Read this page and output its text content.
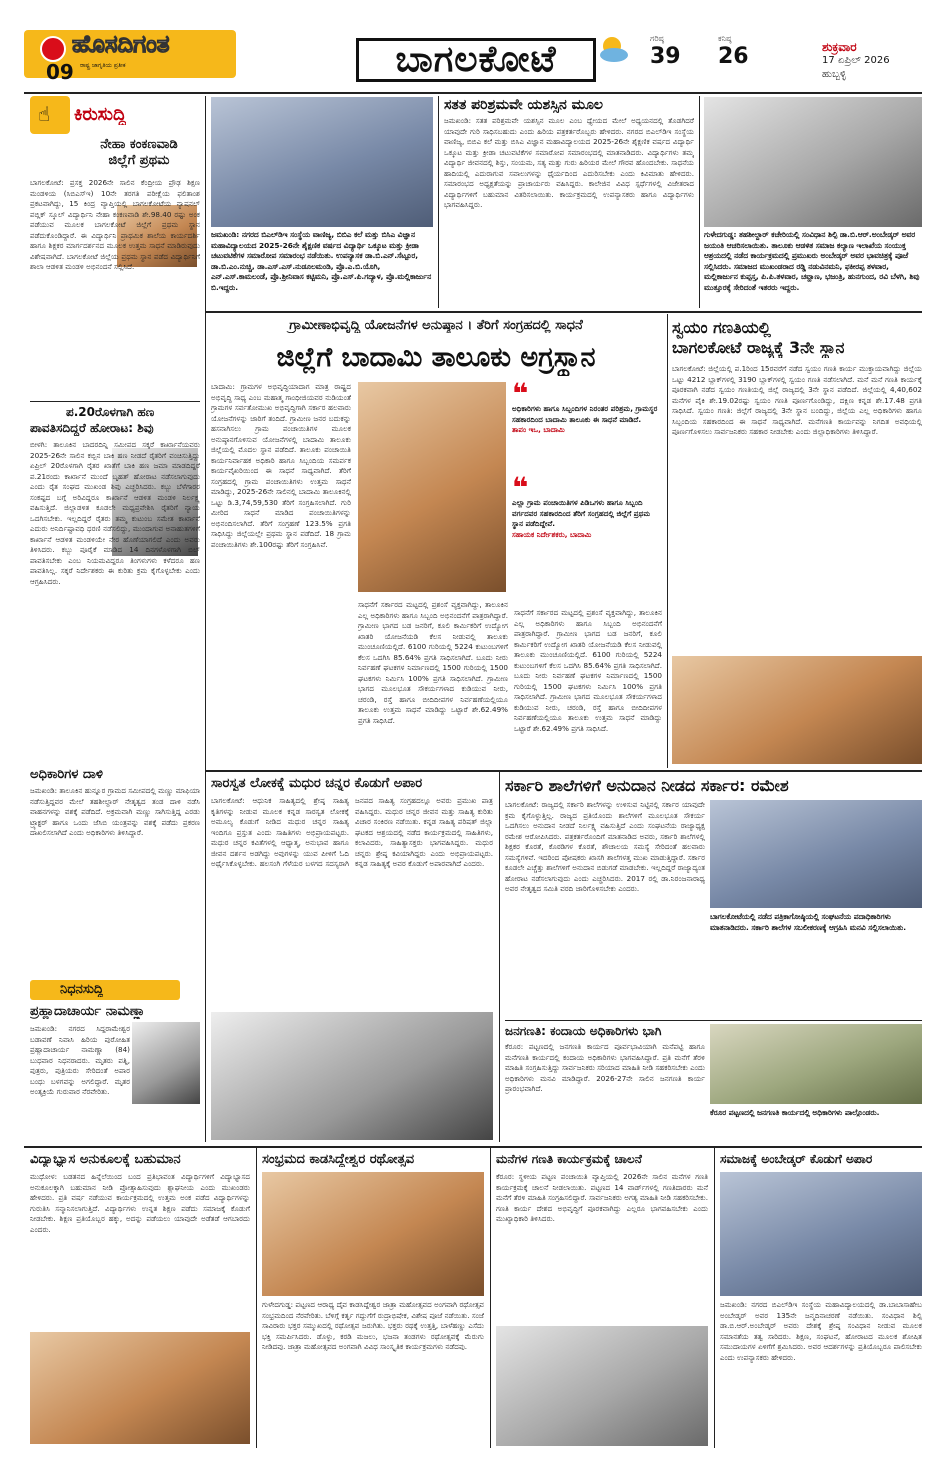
ಹೊಸದಿಗಂತ
ರಾಷ್ಟ್ರ ಜಾಗೃತಿಯ ಪ್ರತೀಕ
09	ಬಾಗಲಕೋಟೆ
ಗರಿಷ್ಠ
39
ಕನಿಷ್ಠ
26	ಶುಕ್ರವಾರ
17 ಏಪ್ರಿಲ್ 2026
ಹುಬ್ಬಳ್ಳಿ
☝ ಕಿರುಸುದ್ದಿ
ನೇಹಾ ಕಂಕಣವಾಡಿ
ಜಿಲ್ಲೆಗೆ ಪ್ರಥಮ
ಬಾಗಲಕೋಟೆ: ಪ್ರಸಕ್ತ 2026ನೇ ಸಾಲಿನ ಕೆಂದ್ರೀಯ ಪ್ರೌಢ ಶಿಕ್ಷಣ ಮಂಡಳಿಯ (ಸಿಬಿಎಸ್‌ಇ) 10ನೇ ತರಗತಿ ಪರೀಕ್ಷೆಯ ಫಲಿತಾಂಶ ಪ್ರಕಟವಾಗಿದ್ದು, 15 ಕಿಂದ್ರ ವ್ಯಾಪ್ತಿಯಲ್ಲಿ ಬಾಗಲಕೋಟೆಯ ನ್ಯಾಷನಲ್ ಪಬ್ಲಿಕ್ ಸ್ಕೂಲ್ ವಿದ್ಯಾರ್ಥಿನಿ ನೇಹಾ ಕಂಕಣವಾಡಿ ಶೇ.98.40 ರಷ್ಟು ಅಂಕ ಪಡೆಯುವ ಮೂಲಕ ಬಾಗಲಕೋಟೆ ಜಿಲ್ಲೆಗೆ ಪ್ರಥಮ ಸ್ಥಾನ ಪಡೆದುಕೊಂಡಿದ್ದಾರೆ. ಈ ವಿದ್ಯಾರ್ಥಿನಿ ಪ್ರಾಥಮಿಕ ಶಾಲೆಯ ಕಾರ್ಯದರ್ಶಿ ಹಾಗೂ ಶಿಕ್ಷಕರ ಮಾರ್ಗದರ್ಶನದ ಮೂಲಕ ಉತ್ತಮ ಸಾಧನೆ ಮಾಡಿರುವುದು ವಿಶೇಷವಾಗಿದೆ. ಬಾಗಲಕೋಟೆ ಜಿಲ್ಲೆಯ ಪ್ರಥಮ ಸ್ಥಾನ ಪಡೆದ ವಿದ್ಯಾರ್ಥಿನಿಗೆ ಶಾಲಾ ಆಡಳಿತ ಮಂಡಳಿ ಅಭಿನಂದನೆ ಸಲ್ಲಿಸಿದೆ.
ಪ.20ರೊಳಗಾಗಿ ಹಣ
ಪಾವತಿಸದಿದ್ದರೆ ಹೋರಾಟ: ಶಿವು
ಬೀಳಗಿ: ತಾಲೂಕಿನ ಬಾದರದಿನ್ನಿ ಸಮೀಪದ ಸಕ್ಕರೆ ಕಾರ್ಖಾನೆಯವರು 2025-26ನೇ ಸಾಲಿನ ಕಬ್ಬಿನ ಬಾಕಿ ಹಣ ನೀಡದೆ ರೈತರಿಗೆ ವಂಚಿಸುತ್ತಿದ್ದು ಏಪ್ರಿಲ್ 20ರೊಳಗಾಗಿ ರೈತರ ಖಾತೆಗೆ ಬಾಕಿ ಹಣ ಜಮಾ ಮಾಡದಿದ್ದರೆ ಪ.21ರಂದು ಕಾರ್ಖಾನೆ ಮುಂದೆ ಬೃಹತ್ ಹೋರಾಟ ನಡೆಸಲಾಗುವುದು ಎಂದು ರೈತ ಸಂಘದ ಮುಖಂಡ ಶಿವು ಎಚ್ಚರಿಸಿದರು. ಕಬ್ಬು ಬೆಳೆಗಾರರ ಸಂಕಷ್ಟದ ಬಗ್ಗೆ ಅರಿವಿದ್ದರೂ ಕಾರ್ಖಾನೆ ಆಡಳಿತ ಮಂಡಳಿ ನಿರ್ಲಕ್ಷ್ಯ ವಹಿಸುತ್ತಿದೆ. ಜಿಲ್ಲಾಡಳಿತ ಕೂಡಲೇ ಮಧ್ಯಪ್ರವೇಶಿಸಿ ರೈತರಿಗೆ ನ್ಯಾಯ ಒದಗಿಸಬೇಕು. ಇಲ್ಲದಿದ್ದರೆ ರೈತರು ತಮ್ಮ ಕುಟುಂಬ ಸಮೇತ ಕಾರ್ಖಾನೆ ಎದುರು ಅನಿರ್ದಿಷ್ಟಾವಧಿ ಧರಣಿ ನಡೆಸಲಿದ್ದು, ಮುಂದಾಗುವ ಅನಾಹುತಗಳಿಗೆ ಕಾರ್ಖಾನೆ ಆಡಳಿತ ಮಂಡಳಿಯೇ ನೇರ ಹೊಣೆಯಾಗಲಿದೆ ಎಂದು ಅವರು ತಿಳಿಸಿದರು. ಕಬ್ಬು ಪೂರೈಕೆ ಮಾಡಿದ 14 ದಿನಗಳೊಳಗಾಗಿ ಬಿಲ್ ಪಾವತಿಸಬೇಕು ಎಂಬ ನಿಯಮವಿದ್ದರೂ ತಿಂಗಳುಗಳು ಕಳೆದರೂ ಹಣ ಪಾವತಿಸಿಲ್ಲ. ಸಕ್ಕರೆ ನಿರ್ದೇಶಕರು ಈ ಕುರಿತು ಕ್ರಮ ಕೈಗೊಳ್ಳಬೇಕು ಎಂದು ಆಗ್ರಹಿಸಿದರು.
ಅಧಿಕಾರಿಗಳ ದಾಳಿ
ಜಮಖಂಡಿ: ತಾಲೂಕಿನ ಹುನ್ನೂರ ಗ್ರಾಮದ ಸಮೀಪದಲ್ಲಿ ಮಣ್ಣು ಮಾಫಿಯಾ ನಡೆಸುತ್ತಿದ್ದವರ ಮೇಲೆ ತಹಶೀಲ್ದಾರ್ ನೇತೃತ್ವದ ತಂಡ ದಾಳಿ ನಡೆಸಿ ವಾಹನಗಳನ್ನು ವಶಕ್ಕೆ ಪಡೆದಿದೆ. ಅಕ್ರಮವಾಗಿ ಮಣ್ಣು ಸಾಗಿಸುತ್ತಿದ್ದ ಎರಡು ಟ್ರ್ಯಾಕ್ಟರ್ ಹಾಗೂ ಒಂದು ಜೆಸಿಬಿ ಯಂತ್ರವನ್ನು ವಶಕ್ಕೆ ಪಡೆದು ಪ್ರಕರಣ ದಾಖಲಿಸಲಾಗಿದೆ ಎಂದು ಅಧಿಕಾರಿಗಳು ತಿಳಿಸಿದ್ದಾರೆ.
ನಿಧನಸುದ್ದಿ
ಪ್ರಹ್ಲಾದಾಚಾರ್ಯ ನಾಮಣ್ಣಾ
ಜಮಖಂಡಿ: ನಗರದ ಸಿದ್ದರಾಮೇಶ್ವರ ಬಡಾವಣೆ ನಿವಾಸಿ ಹಿರಿಯ ಪುರೋಹಿತ ಪ್ರಹ್ಲಾದಾಚಾರ್ಯ ನಾಮಣ್ಣಾ (84) ಬುಧವಾರ ನಿಧನರಾದರು. ಮೃತರು ಪತ್ನಿ, ಪುತ್ರರು, ಪುತ್ರಿಯರು ಸೇರಿದಂತೆ ಅಪಾರ ಬಂಧು ಬಳಗವನ್ನು ಅಗಲಿದ್ದಾರೆ. ಮೃತರ ಅಂತ್ಯಕ್ರಿಯೆ ಗುರುವಾರ ನೆರವೇರಿತು.
ಜಮಖಂಡಿ: ನಗರದ ಬಿಎಲ್‌ಡಿಇ ಸಂಸ್ಥೆಯ ವಾಣಿಜ್ಯ, ಬಿಬಿಎ ಕಲೆ ಮತ್ತು ಬಿಸಿಎ ವಿಜ್ಞಾನ ಮಹಾವಿದ್ಯಾಲಯದ 2025-26ನೇ ಶೈಕ್ಷಣಿಕ ವರ್ಷದ ವಿದ್ಯಾರ್ಥಿ ಒಕ್ಕೂಟ ಮತ್ತು ಕ್ರೀಡಾ ಚಟುವಟಿಕೆಗಳ ಸಮಾರೋಪ ಸಮಾರಂಭ ನಡೆಯಿತು. ಉಪನ್ಯಾಸಕ ಡಾ.ಬಿ.ಎನ್.ಸೆಟ್ಟೂರ, ಡಾ.ಬಿ.ಎಂ.ನುಚ್ಚಿ, ಡಾ.ಎಸ್.ಎಸ್.ನುಡೂಲಮಂಡಿ, ಪ್ರೊ.ಎ.ಬಿ.ಯೊಗಿ, ಎನ್.ಎಸ್.ಕಾಮಲಂಡೆ, ಪ್ರೊ.ಶ್ರೀನಿವಾಸ ಕಟ್ಟಿಮನಿ, ಪ್ರೊ.ಎಸ್.ಪಿ.ಗದ್ಯಾಳ, ಪ್ರೊ.ಮಲ್ಲಿಕಾರ್ಜುನ ಬಿ.ಇದ್ದರು.
ಸತತ ಪರಿಶ್ರಮವೇ ಯಶಸ್ಸಿನ ಮೂಲ
ಜಮಖಂಡಿ: ಸತತ ಪರಿಶ್ರಮವೇ ಯಶಸ್ಸಿನ ಮೂಲ ಎಂಬ ಧ್ಯೇಯದ ಮೇಲೆ ಅಧ್ಯಯನದಲ್ಲಿ ತೊಡಗಿದರೆ ಯಾವುದೇ ಗುರಿ ಸಾಧಿಸಬಹುದು ಎಂದು ಹಿರಿಯ ಪತ್ರಕರ್ತರೊಬ್ಬರು ಹೇಳಿದರು. ನಗರದ ಬಿಎಲ್‌ಡಿಇ ಸಂಸ್ಥೆಯ ವಾಣಿಜ್ಯ, ಬಿಬಿಎ ಕಲೆ ಮತ್ತು ಬಿಸಿಎ ವಿಜ್ಞಾನ ಮಹಾವಿದ್ಯಾಲಯದ 2025-26ನೇ ಶೈಕ್ಷಣಿಕ ವರ್ಷದ ವಿದ್ಯಾರ್ಥಿ ಒಕ್ಕೂಟ ಮತ್ತು ಕ್ರೀಡಾ ಚಟುವಟಿಕೆಗಳ ಸಮಾರೋಪ ಸಮಾರಂಭದಲ್ಲಿ ಮಾತನಾಡಿದರು. ವಿದ್ಯಾರ್ಥಿಗಳು ತಮ್ಮ ವಿದ್ಯಾರ್ಥಿ ಜೀವನದಲ್ಲಿ ಶಿಸ್ತು, ಸಂಯಮ, ಸತ್ಯ ಮತ್ತು ಗುರು ಹಿರಿಯರ ಮೇಲೆ ಗೌರವ ಹೊಂದಬೇಕು. ಸಾಧನೆಯ ಹಾದಿಯಲ್ಲಿ ಎದುರಾಗುವ ಸವಾಲುಗಳನ್ನು ಧೈರ್ಯದಿಂದ ಎದುರಿಸಬೇಕು ಎಂದು ಕಿವಿಮಾತು ಹೇಳಿದರು. ಸಮಾರಂಭದ ಅಧ್ಯಕ್ಷತೆಯನ್ನು ಪ್ರಾಚಾರ್ಯರು ವಹಿಸಿದ್ದರು. ಕಾಲೇಜಿನ ವಿವಿಧ ಸ್ಪರ್ಧೆಗಳಲ್ಲಿ ವಿಜೇತರಾದ ವಿದ್ಯಾರ್ಥಿಗಳಿಗೆ ಬಹುಮಾನ ವಿತರಿಸಲಾಯಿತು. ಕಾರ್ಯಕ್ರಮದಲ್ಲಿ ಉಪನ್ಯಾಸಕರು ಹಾಗೂ ವಿದ್ಯಾರ್ಥಿಗಳು ಭಾಗವಹಿಸಿದ್ದರು.
ಗುಳೇದಗುಡ್ಡ: ತಹಶೀಲ್ದಾರ್ ಕಚೇರಿಯಲ್ಲಿ ಸಂವಿಧಾನ ಶಿಲ್ಪಿ ಡಾ.ಬಿ.ಆರ್.ಅಂಬೇಡ್ಕರ್ ಅವರ ಜಯಂತಿ ಆಚರಿಸಲಾಯಿತು. ತಾಲೂಕು ಆಡಳಿತ ಸಮಾಜ ಕಲ್ಯಾಣ ಇಲಾಖೆಯ ಸಂಯುಕ್ತ ಆಶ್ರಯದಲ್ಲಿ ನಡೆದ ಕಾರ್ಯಕ್ರಮದಲ್ಲಿ ಪ್ರಮುಖರು ಅಂಬೇಡ್ಕರ್ ಅವರ ಭಾವಚಿತ್ರಕ್ಕೆ ಪೂಜೆ ಸಲ್ಲಿಸಿದರು. ಸಮಾಜದ ಮುಖಂಡರಾದ ರಡ್ಡಿ ನಡುವಿನಮನಿ, ಫಕೀರಪ್ಪ ತಳವಾರ, ಮಲ್ಲಿಕಾರ್ಜುನ ಕುಪ್ಪಸ್ತ, ಪಿ.ಪಿ.ತಳವಾರ, ಚವ್ಹಾಣ, ಭಜಂತ್ರಿ, ಹುನಗುಂದ, ರವಿ ಬೆಳಗಿ, ಶಿವು ಮುತ್ತೂರಕ್ಕೆ ಸೇರಿದಂತೆ ಇತರರು ಇದ್ದರು.
ಗ್ರಾಮೀಣಾಭಿವೃದ್ಧಿ ಯೋಜನೆಗಳ ಅನುಷ್ಠಾನ । ತೆರಿಗೆ ಸಂಗ್ರಹದಲ್ಲಿ ಸಾಧನೆ
ಜಿಲ್ಲೆಗೆ ಬಾದಾಮಿ ತಾಲೂಕು ಅಗ್ರಸ್ಥಾನ
ಬಾದಾಮಿ: ಗ್ರಾಮಗಳ ಅಭಿವೃದ್ಧಿಯಾದಾಗ ಮಾತ್ರ ರಾಷ್ಟ್ರದ ಅಭಿವೃದ್ಧಿ ಸಾಧ್ಯ ಎಂಬ ಮಹಾತ್ಮ ಗಾಂಧೀಜಿಯವರ ನುಡಿಯಂತೆ ಗ್ರಾಮಗಳ ಸರ್ವತೋಮುಖ ಅಭಿವೃದ್ಧಿಗಾಗಿ ಸರ್ಕಾರ ಹಲವಾರು ಯೋಜನೆಗಳನ್ನು ಜಾರಿಗೆ ತಂದಿದೆ. ಗ್ರಾಮೀಣ ಜನರ ಬದುಕನ್ನು ಹಸನಾಗಿಸಲು ಗ್ರಾಮ ಪಂಚಾಯಿತಿಗಳ ಮೂಲಕ ಅನುಷ್ಠಾನಗೊಳಿಸುವ ಯೋಜನೆಗಳಲ್ಲಿ ಬಾದಾಮಿ ತಾಲೂಕು ಜಿಲ್ಲೆಯಲ್ಲಿ ಮೊದಲ ಸ್ಥಾನ ಪಡೆದಿದೆ. ತಾಲೂಕು ಪಂಚಾಯಿತಿ ಕಾರ್ಯನಿರ್ವಾಹಕ ಅಧಿಕಾರಿ ಹಾಗೂ ಸಿಬ್ಬಂದಿಯ ಸಮರ್ಪಕ ಕಾರ್ಯವೈಖರಿಯಿಂದ ಈ ಸಾಧನೆ ಸಾಧ್ಯವಾಗಿದೆ. ತೆರಿಗೆ ಸಂಗ್ರಹದಲ್ಲಿ ಗ್ರಾಮ ಪಂಚಾಯಿತಿಗಳು ಉತ್ತಮ ಸಾಧನೆ ಮಾಡಿದ್ದು, 2025-26ನೇ ಸಾಲಿನಲ್ಲಿ ಬಾದಾಮಿ ತಾಲೂಕಿನಲ್ಲಿ ಒಟ್ಟು ಡಿ.3,74,59,530 ತೆರಿಗೆ ಸಂಗ್ರಹಿಸಲಾಗಿದೆ. ಗುರಿ ಮೀರಿದ ಸಾಧನೆ ಮಾಡಿದ ಪಂಚಾಯಿತಿಗಳನ್ನು ಅಭಿನಂದಿಸಲಾಗಿದೆ. ತೆರಿಗೆ ಸಂಗ್ರಹಣೆ 123.5% ಪ್ರಗತಿ ಸಾಧಿಸಿದ್ದು ಜಿಲ್ಲೆಯಲ್ಲೇ ಪ್ರಥಮ ಸ್ಥಾನ ಪಡೆದಿದೆ. 18 ಗ್ರಾಮ ಪಂಚಾಯಿತಿಗಳು ಶೇ.100ರಷ್ಟು ತೆರಿಗೆ ಸಂಗ್ರಹಿಸಿವೆ.
❝
ಅಧಿಕಾರಿಗಳು ಹಾಗೂ ಸಿಬ್ಬಂದಿಗಳ ನಿರಂತರ ಪರಿಶ್ರಮ, ಗ್ರಾಮಸ್ಥರ ಸಹಕಾರದಿಂದ ಬಾದಾಮಿ ತಾಲೂಕು ಈ ಸಾಧನೆ ಮಾಡಿದೆ.
ತಾಪಂ ಇಒ, ಬಾದಾಮಿ
❝
ಎಲ್ಲಾ ಗ್ರಾಮ ಪಂಚಾಯಿತಿಗಳ ಪಿಡಿಒಗಳು ಹಾಗೂ ಸಿಬ್ಬಂದಿ ವರ್ಗದವರ ಸಹಕಾರದಿಂದ ತೆರಿಗೆ ಸಂಗ್ರಹದಲ್ಲಿ ಜಿಲ್ಲೆಗೆ ಪ್ರಥಮ ಸ್ಥಾನ ಪಡೆದಿದ್ದೇವೆ.
ಸಹಾಯಕ ನಿರ್ದೇಶಕರು, ಬಾದಾಮಿ
ಸಾಧನೆಗೆ ಸರ್ಕಾರದ ಮಟ್ಟದಲ್ಲಿ ಪ್ರಶಂಸೆ ವ್ಯಕ್ತವಾಗಿದ್ದು, ತಾಲೂಕಿನ ಎಲ್ಲ ಅಧಿಕಾರಿಗಳು ಹಾಗೂ ಸಿಬ್ಬಂದಿ ಅಭಿನಂದನೆಗೆ ಪಾತ್ರರಾಗಿದ್ದಾರೆ. ಗ್ರಾಮೀಣ ಭಾಗದ ಬಡ ಜನರಿಗೆ, ಕೂಲಿ ಕಾರ್ಮಿಕರಿಗೆ ಉದ್ಯೋಗ ಖಾತರಿ ಯೋಜನೆಯಡಿ ಕೆಲಸ ನೀಡುವಲ್ಲಿ ತಾಲೂಕು ಮುಂಚೂಣಿಯಲ್ಲಿದೆ. 6100 ಗುರಿಯಲ್ಲಿ 5224 ಕುಟುಂಬಗಳಿಗೆ ಕೆಲಸ ಒದಗಿಸಿ 85.64% ಪ್ರಗತಿ ಸಾಧಿಸಲಾಗಿದೆ. ಬೂದು ನೀರು ನಿರ್ವಹಣೆ ಘಟಕಗಳ ನಿರ್ಮಾಣದಲ್ಲಿ 1500 ಗುರಿಯಲ್ಲಿ 1500 ಘಟಕಗಳು ನಿರ್ಮಿಸಿ 100% ಪ್ರಗತಿ ಸಾಧಿಸಲಾಗಿದೆ. ಗ್ರಾಮೀಣ ಭಾಗದ ಮೂಲಭೂತ ಸೌಕರ್ಯಗಳಾದ ಕುಡಿಯುವ ನೀರು, ಚರಂಡಿ, ರಸ್ತೆ ಹಾಗೂ ಬೀದಿದೀಪಗಳ ನಿರ್ವಹಣೆಯಲ್ಲಿಯೂ ತಾಲೂಕು ಉತ್ತಮ ಸಾಧನೆ ಮಾಡಿದ್ದು ಒಟ್ಟಾರೆ ಶೇ.62.49% ಪ್ರಗತಿ ಸಾಧಿಸಿದೆ.
ಸಾಧನೆಗೆ ಸರ್ಕಾರದ ಮಟ್ಟದಲ್ಲಿ ಪ್ರಶಂಸೆ ವ್ಯಕ್ತವಾಗಿದ್ದು, ತಾಲೂಕಿನ ಎಲ್ಲ ಅಧಿಕಾರಿಗಳು ಹಾಗೂ ಸಿಬ್ಬಂದಿ ಅಭಿನಂದನೆಗೆ ಪಾತ್ರರಾಗಿದ್ದಾರೆ. ಗ್ರಾಮೀಣ ಭಾಗದ ಬಡ ಜನರಿಗೆ, ಕೂಲಿ ಕಾರ್ಮಿಕರಿಗೆ ಉದ್ಯೋಗ ಖಾತರಿ ಯೋಜನೆಯಡಿ ಕೆಲಸ ನೀಡುವಲ್ಲಿ ತಾಲೂಕು ಮುಂಚೂಣಿಯಲ್ಲಿದೆ. 6100 ಗುರಿಯಲ್ಲಿ 5224 ಕುಟುಂಬಗಳಿಗೆ ಕೆಲಸ ಒದಗಿಸಿ 85.64% ಪ್ರಗತಿ ಸಾಧಿಸಲಾಗಿದೆ. ಬೂದು ನೀರು ನಿರ್ವಹಣೆ ಘಟಕಗಳ ನಿರ್ಮಾಣದಲ್ಲಿ 1500 ಗುರಿಯಲ್ಲಿ 1500 ಘಟಕಗಳು ನಿರ್ಮಿಸಿ 100% ಪ್ರಗತಿ ಸಾಧಿಸಲಾಗಿದೆ. ಗ್ರಾಮೀಣ ಭಾಗದ ಮೂಲಭೂತ ಸೌಕರ್ಯಗಳಾದ ಕುಡಿಯುವ ನೀರು, ಚರಂಡಿ, ರಸ್ತೆ ಹಾಗೂ ಬೀದಿದೀಪಗಳ ನಿರ್ವಹಣೆಯಲ್ಲಿಯೂ ತಾಲೂಕು ಉತ್ತಮ ಸಾಧನೆ ಮಾಡಿದ್ದು ಒಟ್ಟಾರೆ ಶೇ.62.49% ಪ್ರಗತಿ ಸಾಧಿಸಿದೆ.
ಸ್ವಯಂ ಗಣತಿಯಲ್ಲಿ
ಬಾಗಲಕೋಟೆ ರಾಜ್ಯಕ್ಕೆ 3ನೇ ಸ್ಥಾನ
ಬಾಗಲಕೋಟೆ: ಜಿಲ್ಲೆಯಲ್ಲಿ ಪ.1ರಿಂದ 15ರವರೆಗೆ ನಡೆದ ಸ್ವಯಂ ಗಣತಿ ಕಾರ್ಯ ಮುಕ್ತಾಯವಾಗಿದ್ದು ಜಿಲ್ಲೆಯ ಒಟ್ಟು 4212 ಬ್ಲಾಕ್‌ಗಳಲ್ಲಿ 3190 ಬ್ಲಾಕ್‌ಗಳಲ್ಲಿ ಸ್ವಯಂ ಗಣತಿ ನಡೆಸಲಾಗಿದೆ. ಮನೆ ಮನೆ ಗಣತಿ ಕಾರ್ಯಕ್ಕೆ ಪೂರಕವಾಗಿ ನಡೆದ ಸ್ವಯಂ ಗಣತಿಯಲ್ಲಿ ಜಿಲ್ಲೆ ರಾಜ್ಯದಲ್ಲಿ 3ನೇ ಸ್ಥಾನ ಪಡೆದಿದೆ. ಜಿಲ್ಲೆಯಲ್ಲಿ 4,40,602 ಮನೆಗಳ ಪೈಕಿ ಶೇ.19.02ರಷ್ಟು ಸ್ವಯಂ ಗಣತಿ ಪೂರ್ಣಗೊಂಡಿದ್ದು, ದಕ್ಷಿಣ ಕನ್ನಡ ಶೇ.17.48 ಪ್ರಗತಿ ಸಾಧಿಸಿದೆ. ಸ್ವಯಂ ಗಣತಿ: ಜಿಲ್ಲೆಗೆ ರಾಜ್ಯದಲ್ಲಿ 3ನೇ ಸ್ಥಾನ ಬಂದಿದ್ದು, ಜಿಲ್ಲೆಯ ಎಲ್ಲ ಅಧಿಕಾರಿಗಳು ಹಾಗೂ ಸಿಬ್ಬಂದಿಯ ಸಹಕಾರದಿಂದ ಈ ಸಾಧನೆ ಸಾಧ್ಯವಾಗಿದೆ. ಮನೆಗಣತಿ ಕಾರ್ಯವನ್ನು ನಿಗದಿತ ಅವಧಿಯಲ್ಲಿ ಪೂರ್ಣಗೊಳಿಸಲು ಸಾರ್ವಜನಿಕರು ಸಹಕಾರ ನೀಡಬೇಕು ಎಂದು ಜಿಲ್ಲಾಧಿಕಾರಿಗಳು ತಿಳಿಸಿದ್ದಾರೆ.
ಸಾರಸ್ವತ ಲೋಕಕ್ಕೆ ಮಧುರ ಚನ್ನರ ಕೊಡುಗೆ ಅಪಾರ
ಬಾಗಲಕೋಟೆ: ಆಧುನಿಕ ಸಾಹಿತ್ಯದಲ್ಲಿ ಶ್ರೇಷ್ಠ ಸಾಹಿತ್ಯ ಕೃತಿಗಳನ್ನು ನೀಡುವ ಮೂಲಕ ಕನ್ನಡ ಸಾರಸ್ವತ ಲೋಕಕ್ಕೆ ಅಮೂಲ್ಯ ಕೊಡುಗೆ ನೀಡಿದ ಮಧುರ ಚನ್ನರ ಸಾಹಿತ್ಯ ಇಂದಿಗೂ ಪ್ರಸ್ತುತ ಎಂದು ಸಾಹಿತಿಗಳು ಅಭಿಪ್ರಾಯಪಟ್ಟರು. ಮಧುರ ಚನ್ನರ ಕವಿತೆಗಳಲ್ಲಿ ಆಧ್ಯಾತ್ಮ, ಅನುಭಾವ ಹಾಗೂ ಜೀವನ ದರ್ಶನ ಅಡಗಿದ್ದು ಅವುಗಳನ್ನು ಯುವ ಪೀಳಿಗೆ ಓದಿ ಅರ್ಥೈಸಿಕೊಳ್ಳಬೇಕು. ಹಲಸಂಗಿ ಗೆಳೆಯರ ಬಳಗದ ಸದಸ್ಯರಾಗಿ ಜನಪದ ಸಾಹಿತ್ಯ ಸಂಗ್ರಹದಲ್ಲೂ ಅವರು ಪ್ರಮುಖ ಪಾತ್ರ ವಹಿಸಿದ್ದರು. ಮಧುರ ಚನ್ನರ ಜೀವನ ಮತ್ತು ಸಾಹಿತ್ಯ ಕುರಿತು ವಿಚಾರ ಸಂಕಿರಣ ನಡೆಯಿತು. ಕನ್ನಡ ಸಾಹಿತ್ಯ ಪರಿಷತ್ ಜಿಲ್ಲಾ ಘಟಕದ ಆಶ್ರಯದಲ್ಲಿ ನಡೆದ ಕಾರ್ಯಕ್ರಮದಲ್ಲಿ ಸಾಹಿತಿಗಳು, ಕಲಾವಿದರು, ಸಾಹಿತ್ಯಾಸಕ್ತರು ಭಾಗವಹಿಸಿದ್ದರು. ಮಧುರ ಚನ್ನರು ಶ್ರೇಷ್ಠ ಕವಿಯಾಗಿದ್ದರು ಎಂದು ಅಭಿಪ್ರಾಯಪಟ್ಟರು. ಕನ್ನಡ ಸಾಹಿತ್ಯಕ್ಕೆ ಅವರ ಕೊಡುಗೆ ಅಪಾರವಾಗಿದೆ ಎಂದರು.
ಸರ್ಕಾರಿ ಶಾಲೆಗಳಿಗೆ ಅನುದಾನ ನೀಡದ ಸರ್ಕಾರ: ರಮೇಶ
ಬಾಗಲಕೋಟೆ: ರಾಜ್ಯದಲ್ಲಿ ಸರ್ಕಾರಿ ಶಾಲೆಗಳನ್ನು ಉಳಿಸುವ ನಿಟ್ಟಿನಲ್ಲಿ ಸರ್ಕಾರ ಯಾವುದೇ ಕ್ರಮ ಕೈಗೊಳ್ಳುತ್ತಿಲ್ಲ. ರಾಜ್ಯದ ಪ್ರತಿಯೊಂದು ಶಾಲೆಗಳಿಗೆ ಮೂಲಭೂತ ಸೌಕರ್ಯ ಒದಗಿಸಲು ಅನುದಾನ ನೀಡದೆ ನಿರ್ಲಕ್ಷ್ಯ ವಹಿಸುತ್ತಿದೆ ಎಂದು ಸಂಘಟನೆಯ ರಾಜ್ಯಾಧ್ಯಕ್ಷ ರಮೇಶ ಆರೋಪಿಸಿದರು. ಪತ್ರಕರ್ತರೊಂದಿಗೆ ಮಾತನಾಡಿದ ಅವರು, ಸರ್ಕಾರಿ ಶಾಲೆಗಳಲ್ಲಿ ಶಿಕ್ಷಕರ ಕೊರತೆ, ಕೊಠಡಿಗಳ ಕೊರತೆ, ಶೌಚಾಲಯ ಸಮಸ್ಯೆ ಸೇರಿದಂತೆ ಹಲವಾರು ಸಮಸ್ಯೆಗಳಿವೆ. ಇದರಿಂದ ಪೋಷಕರು ಖಾಸಗಿ ಶಾಲೆಗಳತ್ತ ಮುಖ ಮಾಡುತ್ತಿದ್ದಾರೆ. ಸರ್ಕಾರ ಕೂಡಲೇ ಎಚ್ಚೆತ್ತು ಶಾಲೆಗಳಿಗೆ ಅನುದಾನ ಬಿಡುಗಡೆ ಮಾಡಬೇಕು. ಇಲ್ಲದಿದ್ದರೆ ರಾಜ್ಯಾದ್ಯಂತ ಹೋರಾಟ ನಡೆಸಲಾಗುವುದು ಎಂದು ಎಚ್ಚರಿಸಿದರು. 2017 ರಲ್ಲಿ ಡಾ.ನಿರಂಜನಾರಾಧ್ಯ ಅವರ ನೇತೃತ್ವದ ಸಮಿತಿ ವರದಿ ಜಾರಿಗೊಳಿಸಬೇಕು ಎಂದರು.
ಬಾಗಲಕೋಟೆಯಲ್ಲಿ ನಡೆದ ಪತ್ರಿಕಾಗೋಷ್ಠಿಯಲ್ಲಿ ಸಂಘಟನೆಯ ಪದಾಧಿಕಾರಿಗಳು ಮಾತನಾಡಿದರು. ಸರ್ಕಾರಿ ಶಾಲೆಗಳ ಸಬಲೀಕರಣಕ್ಕೆ ಆಗ್ರಹಿಸಿ ಮನವಿ ಸಲ್ಲಿಸಲಾಯಿತು.
ಜನಗಣತಿ: ಕಂದಾಯ ಅಧಿಕಾರಿಗಳು ಭಾಗಿ
ಕೆರೂರ: ಪಟ್ಟಣದಲ್ಲಿ ಜನಗಣತಿ ಕಾರ್ಯದ ಪೂರ್ವಭಾವಿಯಾಗಿ ಮನೆಪಟ್ಟಿ ಹಾಗೂ ಮನೆಗಣತಿ ಕಾರ್ಯದಲ್ಲಿ ಕಂದಾಯ ಅಧಿಕಾರಿಗಳು ಭಾಗವಹಿಸಿದ್ದಾರೆ. ಪ್ರತಿ ಮನೆಗೆ ತೆರಳಿ ಮಾಹಿತಿ ಸಂಗ್ರಹಿಸುತ್ತಿದ್ದು ಸಾರ್ವಜನಿಕರು ಸರಿಯಾದ ಮಾಹಿತಿ ನೀಡಿ ಸಹಕರಿಸಬೇಕು ಎಂದು ಅಧಿಕಾರಿಗಳು ಮನವಿ ಮಾಡಿದ್ದಾರೆ. 2026-27ನೇ ಸಾಲಿನ ಜನಗಣತಿ ಕಾರ್ಯ ಪ್ರಾರಂಭವಾಗಿದೆ.
ಕೆರೂರ ಪಟ್ಟಣದಲ್ಲಿ ಜನಗಣತಿ ಕಾರ್ಯದಲ್ಲಿ ಅಧಿಕಾರಿಗಳು ಪಾಲ್ಗೊಂಡರು.
ವಿದ್ಯಾಭ್ಯಾಸ ಅನುಕೂಲಕ್ಕೆ ಬಹುಮಾನ
ಮುಧೋಳ: ಬಡತನದ ಹಿನ್ನೆಲೆಯಿಂದ ಬಂದ ಪ್ರತಿಭಾವಂತ ವಿದ್ಯಾರ್ಥಿಗಳಿಗೆ ವಿದ್ಯಾಭ್ಯಾಸದ ಅನುಕೂಲಕ್ಕಾಗಿ ಬಹುಮಾನ ನೀಡಿ ಪ್ರೋತ್ಸಾಹಿಸುವುದು ಶ್ಲಾಘನೀಯ ಎಂದು ಮುಖಂಡರು ಹೇಳಿದರು. ಪ್ರತಿ ವರ್ಷ ನಡೆಯುವ ಕಾರ್ಯಕ್ರಮದಲ್ಲಿ ಉತ್ತಮ ಅಂಕ ಪಡೆದ ವಿದ್ಯಾರ್ಥಿಗಳನ್ನು ಗುರುತಿಸಿ ಸನ್ಮಾನಿಸಲಾಗುತ್ತಿದೆ. ವಿದ್ಯಾರ್ಥಿಗಳು ಉನ್ನತ ಶಿಕ್ಷಣ ಪಡೆದು ಸಮಾಜಕ್ಕೆ ಕೊಡುಗೆ ನೀಡಬೇಕು. ಶಿಕ್ಷಣ ಪ್ರತಿಯೊಬ್ಬರ ಹಕ್ಕು, ಅದನ್ನು ಪಡೆಯಲು ಯಾವುದೇ ಅಡೆತಡೆ ಆಗಬಾರದು ಎಂದರು.
ಸಂಭ್ರಮದ ಕಾಡಸಿದ್ದೇಶ್ವರ ರಥೋತ್ಸವ
ಗುಳೇದಗುಡ್ಡ: ಪಟ್ಟಣದ ಆರಾಧ್ಯ ದೈವ ಕಾಡಸಿದ್ದೇಶ್ವರ ಜಾತ್ರಾ ಮಹೋತ್ಸವದ ಅಂಗವಾಗಿ ರಥೋತ್ಸವ ಸಂಭ್ರಮದಿಂದ ನೆರವೇರಿತು. ಬೆಳಿಗ್ಗೆ ಕರ್ತೃ ಗದ್ದುಗೆಗೆ ರುದ್ರಾಭಿಷೇಕ, ವಿಶೇಷ ಪೂಜೆ ನಡೆಯಿತು. ಸಂಜೆ ಸಾವಿರಾರು ಭಕ್ತರ ಸಮ್ಮುಖದಲ್ಲಿ ರಥೋತ್ಸವ ಜರುಗಿತು. ಭಕ್ತರು ರಥಕ್ಕೆ ಉತ್ತತ್ತಿ, ಬಾಳೆಹಣ್ಣು ಎಸೆದು ಭಕ್ತಿ ಸಮರ್ಪಿಸಿದರು. ಡೊಳ್ಳು, ಕರಡಿ ಮಜಲು, ಭಜನಾ ತಂಡಗಳು ರಥೋತ್ಸವಕ್ಕೆ ಮೆರುಗು ನೀಡಿದವು. ಜಾತ್ರಾ ಮಹೋತ್ಸವದ ಅಂಗವಾಗಿ ವಿವಿಧ ಸಾಂಸ್ಕೃತಿಕ ಕಾರ್ಯಕ್ರಮಗಳು ನಡೆದವು.
ಮನೆಗಳ ಗಣತಿ ಕಾರ್ಯಕ್ರಮಕ್ಕೆ ಚಾಲನೆ
ಕೆರೂರ: ಸ್ಥಳೀಯ ಪಟ್ಟಣ ಪಂಚಾಯಿತಿ ವ್ಯಾಪ್ತಿಯಲ್ಲಿ 2026ನೇ ಸಾಲಿನ ಮನೆಗಳ ಗಣತಿ ಕಾರ್ಯಕ್ರಮಕ್ಕೆ ಚಾಲನೆ ನೀಡಲಾಯಿತು. ಪಟ್ಟಣದ 14 ವಾರ್ಡ್‌ಗಳಲ್ಲಿ ಗಣತಿದಾರರು ಮನೆ ಮನೆಗೆ ತೆರಳಿ ಮಾಹಿತಿ ಸಂಗ್ರಹಿಸಲಿದ್ದಾರೆ. ಸಾರ್ವಜನಿಕರು ಅಗತ್ಯ ಮಾಹಿತಿ ನೀಡಿ ಸಹಕರಿಸಬೇಕು. ಗಣತಿ ಕಾರ್ಯ ದೇಶದ ಅಭಿವೃದ್ಧಿಗೆ ಪೂರಕವಾಗಿದ್ದು ಎಲ್ಲರೂ ಭಾಗವಹಿಸಬೇಕು ಎಂದು ಮುಖ್ಯಾಧಿಕಾರಿ ತಿಳಿಸಿದರು.
ಸಮಾಜಕ್ಕೆ ಅಂಬೇಡ್ಕರ್ ಕೊಡುಗೆ ಅಪಾರ
ಜಮಖಂಡಿ: ನಗರದ ಬಿಎಲ್‌ಡಿಇ ಸಂಸ್ಥೆಯ ಮಹಾವಿದ್ಯಾಲಯದಲ್ಲಿ ಡಾ.ಬಾಬಾಸಾಹೇಬ ಅಂಬೇಡ್ಕರ್ ಅವರ 135ನೇ ಜನ್ಮದಿನಾಚರಣೆ ನಡೆಯಿತು. ಸಂವಿಧಾನ ಶಿಲ್ಪಿ ಡಾ.ಬಿ.ಆರ್.ಅಂಬೇಡ್ಕರ್ ಅವರು ದೇಶಕ್ಕೆ ಶ್ರೇಷ್ಠ ಸಂವಿಧಾನ ನೀಡುವ ಮೂಲಕ ಸಮಾನತೆಯ ತತ್ವ ಸಾರಿದರು. ಶಿಕ್ಷಣ, ಸಂಘಟನೆ, ಹೋರಾಟದ ಮೂಲಕ ಶೋಷಿತ ಸಮುದಾಯಗಳ ಏಳಿಗೆಗೆ ಶ್ರಮಿಸಿದರು. ಅವರ ಆದರ್ಶಗಳನ್ನು ಪ್ರತಿಯೊಬ್ಬರೂ ಪಾಲಿಸಬೇಕು ಎಂದು ಉಪನ್ಯಾಸಕರು ಹೇಳಿದರು.
